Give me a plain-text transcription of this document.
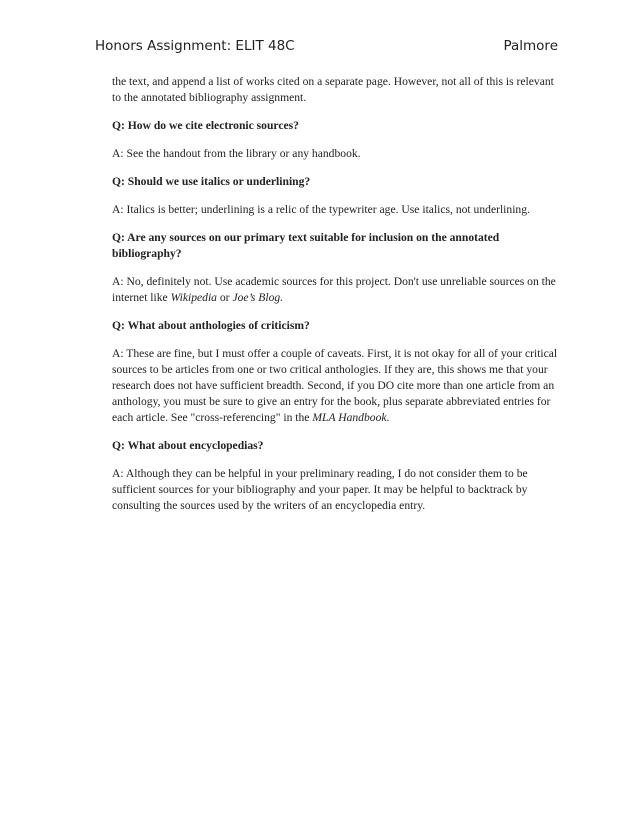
Honors Assignment: ELIT 48C	Palmore

the text, and append a list of works cited on a separate page. However, not all of this is relevant to the annotated bibliography assignment.

Q: How do we cite electronic sources?

A: See the handout from the library or any handbook.

Q: Should we use italics or underlining?

A: Italics is better; underlining is a relic of the typewriter age. Use italics, not underlining.

Q: Are any sources on our primary text suitable for inclusion on the annotated bibliography?

A: No, definitely not. Use academic sources for this project. Don't use unreliable sources on the internet like Wikipedia or Joe’s Blog.

Q: What about anthologies of criticism?

A: These are fine, but I must offer a couple of caveats. First, it is not okay for all of your critical sources to be articles from one or two critical anthologies. If they are, this shows me that your research does not have sufficient breadth. Second, if you DO cite more than one article from an anthology, you must be sure to give an entry for the book, plus separate abbreviated entries for each article. See "cross-referencing" in the MLA Handbook.

Q: What about encyclopedias?

A: Although they can be helpful in your preliminary reading, I do not consider them to be sufficient sources for your bibliography and your paper. It may be helpful to backtrack by consulting the sources used by the writers of an encyclopedia entry.
